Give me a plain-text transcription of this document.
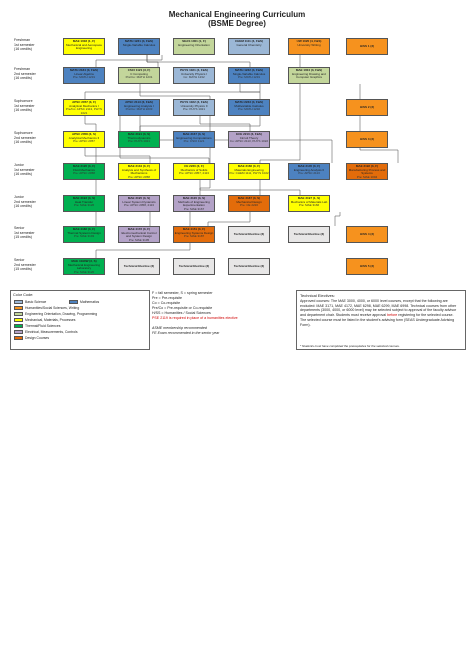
Mechanical Engineering Curriculum
(BSME Degree)
Freshman
1st semester
(16 credits)
Freshman
2nd semester
(16 credits)
Sophomore
1st semester
(16 credits)
Sophomore
2nd semester
(16 credits)
Junior
1st semester
(16 credits)
Junior
2nd semester
(16 credits)
Senior
1st semester
(15 credits)
Senior
2nd semester
(15 credits)
MAE 1003 (1, F)
Mechanical and Aerospace Engineering
MATH 1231 (4, F&S)
Single-Variable Calculus
SEAS 1001 (1, F)
Engineering Orientation
CHEM 1111 (4, F&S)
General Chemistry
UW 1020 (4, F&S)
University Writing	H/SS 1 (3)
MATH 2184 (3, F&S)
Linear Algebra
Pre: MATH 1231
CSCI 1121 (3, F)
C Computing
Pre/Co: MATH 1231
PHYS 1021 (4, F&S)
University Physics I
Co: MATH 1232
MATH 1232 (4, F&S)
Single-Variable Calculus
Pre: MATH 1231
MAE 1004 (3, F&S)
Engineering Drawing and Computer Graphics
APSC 2057 (3, F)
Analytical Mechanics I
Pre/Co: APSC 2113, PHYS 1021
APSC 2113 (3, F&S)
Engineering Analysis I
Pre/Co: MATH 2233
PHYS 1022 (4, F&S)
University Physics II
Pre: PHYS 1021
MATH 2233 (4, F&S)
Multivariable Calculus
Pre: MATH 1232
H/SS 2 (3)
APSC 2058 (3, S)
Analytical Mechanics II
Pre: APSC 2057
MAE 3191 (3, S)
Thermodynamics
Pre: PHYS 1021
MAE 3167 (3, S)
Engineering Computations
Pre: CSCI 1121
ECE 2210 (3, F&S)
Circuit Theory
Co: APSC 2113, PHYS 1022
H/SS 3 (3)
MAE 3126 (3, F)
Fluid Mechanics
Pre: APSC 2058
MAE 3134 (3, F)
Analysis and Synthesis of Mechanisms
Pre: APSC 2058
CE 2220 (3, F)
Mechanics of Solids
Pre: APSC 2057, 2113
MAE 3166 (3, F)
Materials Engineering
Pre: CHEM 1111, PHYS 1022
MAE 3145 (3, F)
Engineering Analysis II
Pre: APSC 2113
MAE 3192 (3, F)
Manufacturing Process and Systems
Pre: MAE 1004
MAE 3193 (3, S)
Heat Transfer
Pre: MAE 3126
MAE 3195 (3, S)
Linear System Dynamics
Pre: APSC 2058, 2113
MAE 3120 (3, S)
Methods of Engineering Experimentation
Pre: MAE 3167
MAE 3187 (3, S)
Mechanical Design
Pre: CE 2220
MAE 3197 (1, S)
Mechanics of Materials Lab
Pre: MAE 3166
MAE 4182 (3, F)
Thermal Systems Design
Pre: MAE 3193
MAE 4172 (3, F)
Electromechanical Control and System Design
Pre: MAE 3195
MAE 4151 (3, F)
Engineering Systems Design
Pre: MAE 3187
Technical Elective (3)	Technical Elective (3)	H/SS 4 (3)
MAE 4193W (3, S)
Mechanical Engineering Laboratory
Pre: MAE 3120
Technical Elective (3)	Technical Elective (3)	Technical Elective (3)	H/SS 5 (3)
Color Code:
Basic Science	Mathematics
Humanities/Social Sciences, Writing
Engineering Orientation, Drawing, Programming
Mechanical, Materials, Processes
Thermal/Fluid Sciences
Electrical, Measurements, Controls
Design Courses
F = fall semester, S = spring semester
Pre = Pre-requisite
Co = Co-requisite
Pre/Co = Pre-requisite or Co-requisite
H/SS = Humanities / Social Sciences
PSE 2119 is required in place of a humanities elective
ASME membership recommended
FE Exam recommended in the senior year
Technical Electives:
Approved courses: The MAE 3000, 4000, or 6000 level courses, except that the following are excluded: MAE 3171, MAE 4172, MAE 6298, MAE 6299, MAE 6998. Technical courses from other departments (3000, 4000, or 6000 level) may be selected subject to approval of the faculty advisor and department chair. Students must receive approval before registering for the selected course. The selected course must be listed in the student's advising form (SEAS Undergraduate Advising Form).
* Students must have completed the prerequisites for the selected courses.
